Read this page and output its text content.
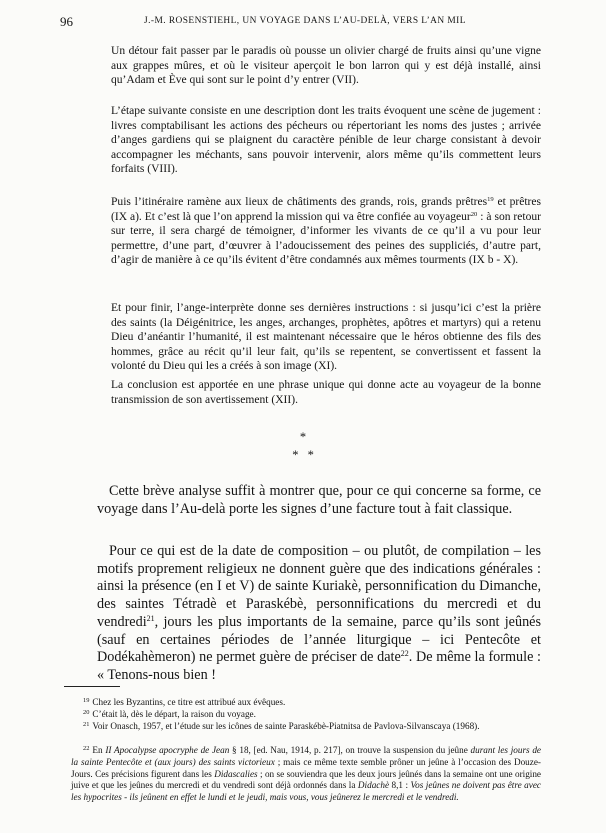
96	J.-M. ROSENSTIEHL, UN VOYAGE DANS L’AU-DELÀ, VERS L’AN MIL

Un détour fait passer par le paradis où pousse un olivier chargé de fruits ainsi qu’une vigne aux grappes mûres, et où le visiteur aperçoit le bon larron qui y est déjà installé, ainsi qu’Adam et Ève qui sont sur le point d’y entrer (VII).

L’étape suivante consiste en une description dont les traits évoquent une scène de jugement : livres comptabilisant les actions des pécheurs ou répertoriant les noms des justes ; arrivée d’anges gardiens qui se plaignent du caractère pénible de leur charge consistant à devoir accompagner les méchants, sans pouvoir intervenir, alors même qu’ils commettent leurs forfaits (VIII).

Puis l’itinéraire ramène aux lieux de châtiments des grands, rois, grands prêtres$^{19}$ et prêtres (IX a). Et c’est là que l’on apprend la mission qui va être confiée au voyageur$^{20}$ : à son retour sur terre, il sera chargé de témoigner, d’informer les vivants de ce qu’il a vu pour leur permettre, d’une part, d’œuvrer à l’adoucissement des peines des suppliciés, d’autre part, d’agir de manière à ce qu’ils évitent d’être condamnés aux mêmes tourments (IX b - X).

Et pour finir, l’ange-interprète donne ses dernières instructions : si jusqu’ici c’est la prière des saints (la Déigénitrice, les anges, archanges, prophètes, apôtres et martyrs) qui a retenu Dieu d’anéantir l’humanité, il est maintenant nécessaire que le héros obtienne des fils des hommes, grâce au récit qu’il leur fait, qu’ils se repentent, se convertissent et fassent la volonté du Dieu qui les a créés à son image (XI).

La conclusion est apportée en une phrase unique qui donne acte au voyageur de la bonne transmission de son avertissement (XII).

*
* *

Cette brève analyse suffit à montrer que, pour ce qui concerne sa forme, ce voyage dans l’Au-delà porte les signes d’une facture tout à fait classique.

Pour ce qui est de la date de composition – ou plutôt, de compilation – les motifs proprement religieux ne donnent guère que des indications générales : ainsi la présence (en I et V) de sainte Kuriakè, personnification du Dimanche, des saintes Tétradè et Paraskébè, personnifications du mercredi et du vendredi$^{21}$, jours les plus importants de la semaine, parce qu’ils sont jeûnés (sauf en certaines périodes de l’année liturgique – ici Pentecôte et Dodékahèmeron) ne permet guère de préciser de date$^{22}$. De même la formule : « Tenons-nous bien !

$^{19}$ Chez les Byzantins, ce titre est attribué aux évêques.

$^{20}$ C’était là, dès le départ, la raison du voyage.

$^{21}$ Voir Onasch, 1957, et l’étude sur les icônes de sainte Paraskébè-Piatnitsa de Pavlova-Silvanscaya (1968).

$^{22}$ En II Apocalypse apocryphe de Jean § 18, [ed. Nau, 1914, p. 217], on trouve la suspension du jeûne durant les jours de la sainte Pentecôte et (aux jours) des saints victorieux ; mais ce même texte semble prôner un jeûne à l’occasion des Douze-Jours. Ces précisions figurent dans les Didascalies ; on se souviendra que les deux jours jeûnés dans la semaine ont une origine juive et que les jeûnes du mercredi et du vendredi sont déjà ordonnés dans la Didachè 8,1 : Vos jeûnes ne doivent pas être avec les hypocrites - ils jeûnent en effet le lundi et le jeudi, mais vous, vous jeûnerez le mercredi et le vendredi.
